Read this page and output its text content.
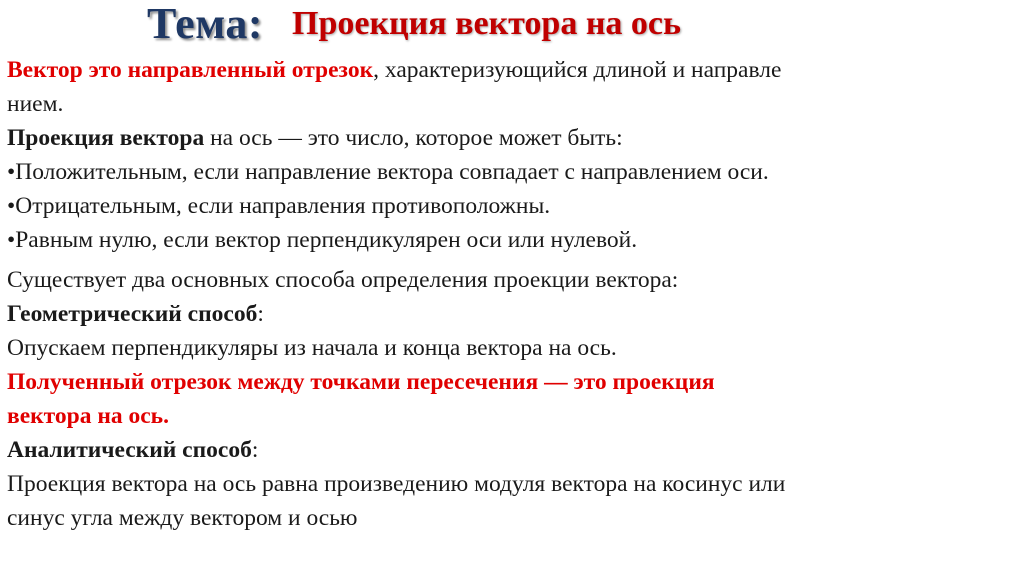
Тема: Проекция вектора на ось
Вектор это направленный отрезок, характеризующийся длиной и направле
нием.
Проекция вектора на ось — это число, которое может быть:
•Положительным, если направление вектора совпадает с направлением оси.
•Отрицательным, если направления противоположны.
•Равным нулю, если вектор перпендикулярен оси или нулевой.
Существует два основных способа определения проекции вектора:
Геометрический способ:
Опускаем перпендикуляры из начала и конца вектора на ось.
Полученный отрезок между точками пересечения — это проекция
вектора на ось.
Аналитический способ:
Проекция вектора на ось равна произведению модуля вектора на косинус или
синус угла между вектором и осью
